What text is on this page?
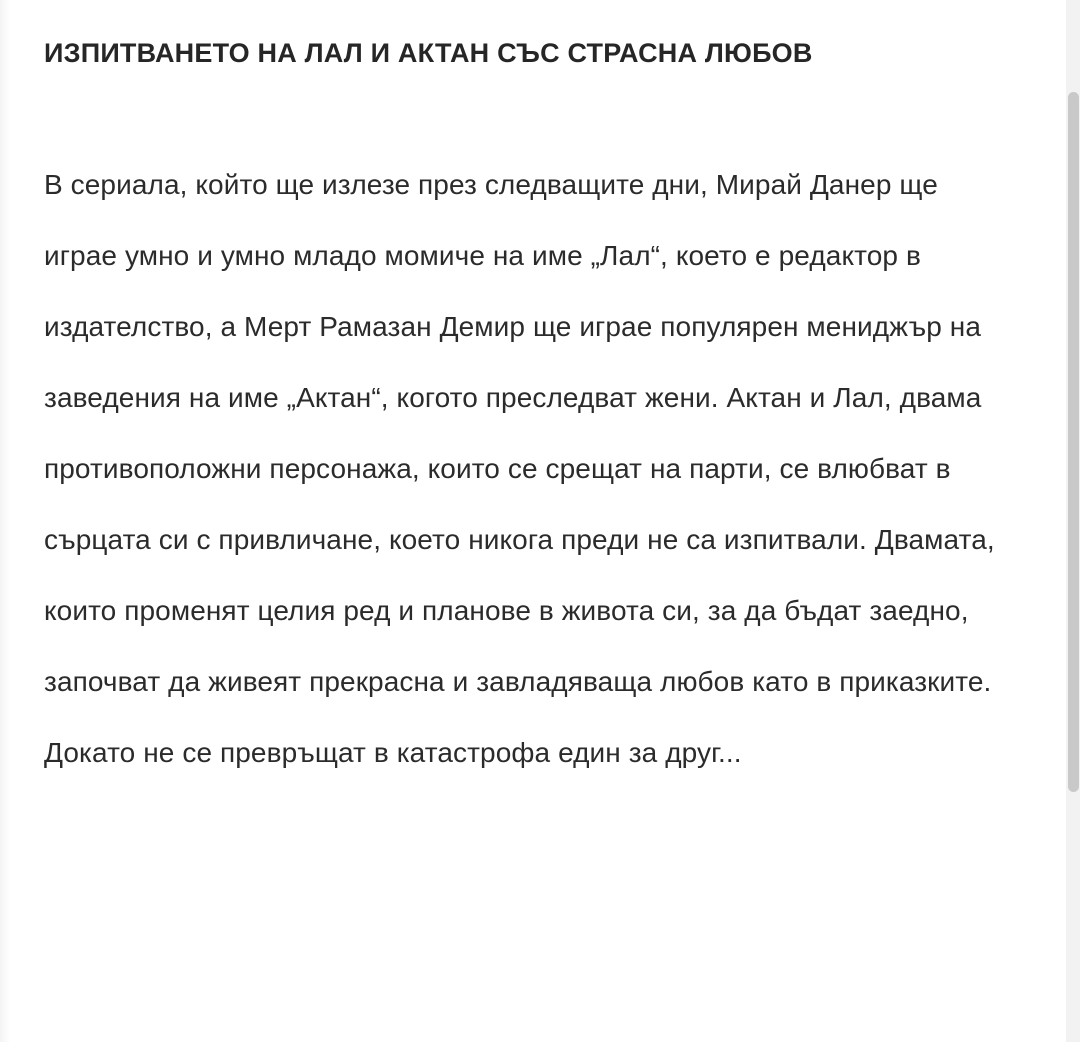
ИЗПИТВАНЕТО НА ЛАЛ И АКТАН СЪС СТРАСНА ЛЮБОВ

В сериала, който ще излезе през следващите дни, Мирай Данер ще играе умно и умно младо момиче на име „Лал“, което е редактор в издателство, а Мерт Рамазан Демир ще играе популярен мениджър на заведения на име „Актан“, когото преследват жени. Актан и Лал, двама противоположни персонажа, които се срещат на парти, се влюбват в сърцата си с привличане, което никога преди не са изпитвали. Двамата, които променят целия ред и планове в живота си, за да бъдат заедно, започват да живеят прекрасна и завладяваща любов като в приказките. Докато не се превръщат в катастрофа един за друг...
